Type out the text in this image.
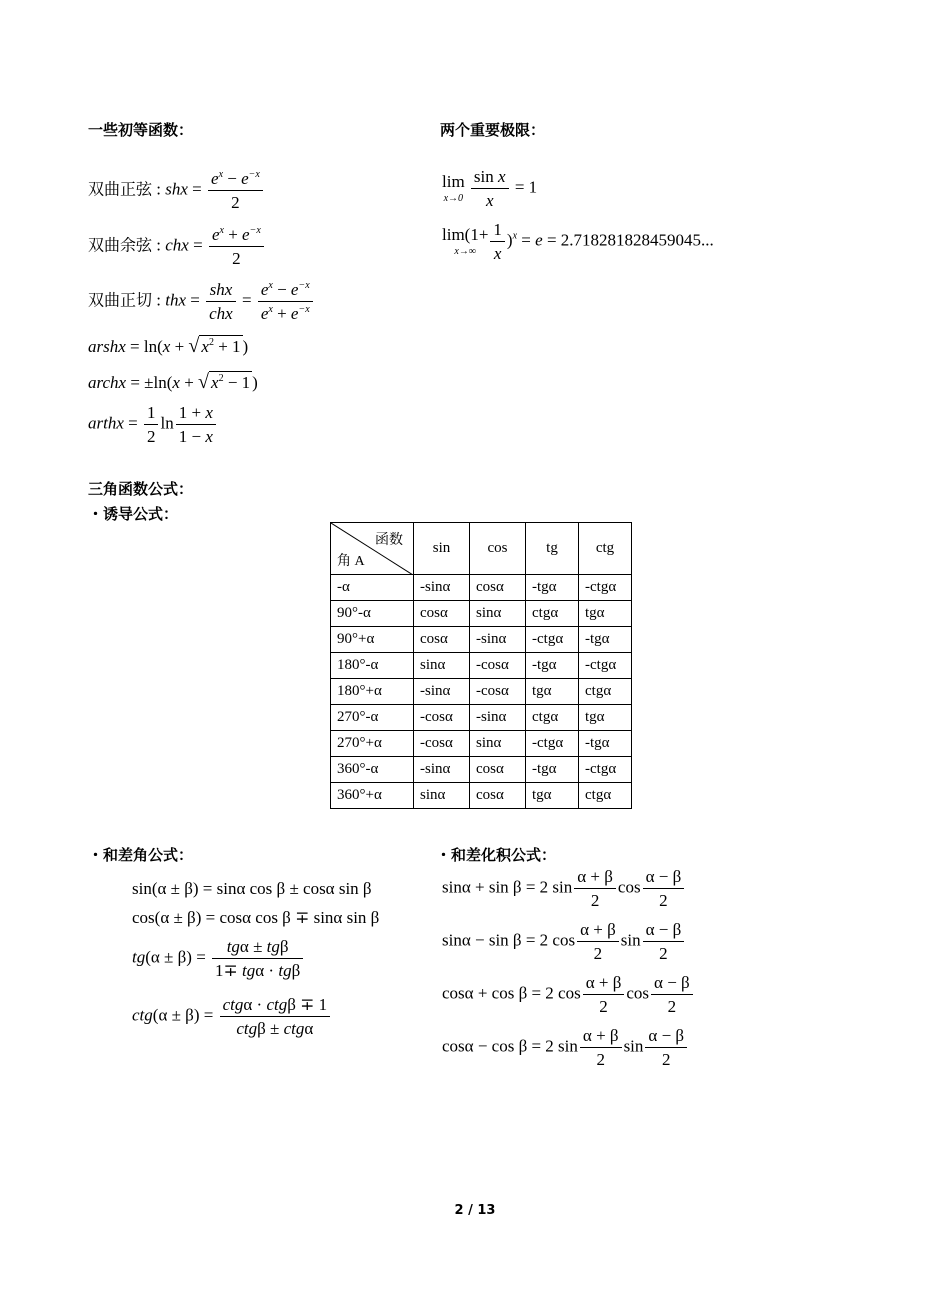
一些初等函数：	两个重要极限：
双曲正弦 : shx = $\frac{e^x - e^{-x}}{2}$
双曲余弦 : chx = $\frac{e^x + e^{-x}}{2}$
双曲正切 : thx = $\frac{\text{shx}}{\text{chx}} = \frac{e^x - e^{-x}}{e^x + e^{-x}}$
arshx = ln(x + √ $x^2 + 1$ )
archx = ±ln(x + √ $x^2 - 1$ )
arthx = $\frac{1}{2}$ $\ln \frac{1 + x}{1 - x}$
lim
x→0
$\frac{\text{sin x}}{x} = 1$
lim(1+
$x\to\infty \frac{1}{x} )^x = e = 2.718281828459045$...
三角函数公式：
・诱导公式：
函数
角 A	sin	cos	tg	ctg
-α	-sinα	cosα	-tgα	-ctgα
90°-α	cosα	sinα	ctgα	tgα
90°+α	cosα	-sinα	-ctgα	-tgα
180°-α	sinα	-cosα	-tgα	-ctgα
180°+α	-sinα	-cosα	tgα	ctgα
270°-α	-cosα	-sinα	ctgα	tgα
270°+α	-cosα	sinα	-ctgα	-tgα
360°-α	-sinα	cosα	-tgα	-ctgα
360°+α	sinα	cosα	tgα	ctgα
・和差角公式：	・和差化积公式：
sin(α ± β) = sinα cos β ± cosα sin β
cos(α ± β) = cosα cos β ∓ sinα sin β
$tg(\alpha \pm \beta) = \frac{\text{tgα ± tgβ}}{\text{1∓ tgα · tgβ}}$
$ctg(\alpha \pm \beta) = \frac{\text{ctgα · ctgβ ∓ 1}}{\text{ctgβ ± ctgα}}$
sinα + sin β = 2 $\sin \frac{\alpha + \beta}{2}$ $\cos \frac{\alpha - \beta}{2}$
sinα − sin β = 2 $\cos \frac{\alpha + \beta}{2}$ $\sin \frac{\alpha - \beta}{2}$
cosα + cos β = 2 $\cos \frac{\alpha + \beta}{2}$ $\cos \frac{\alpha - \beta}{2}$
cosα − cos β = 2 $\sin \frac{\alpha + \beta}{2}$ $\sin \frac{\alpha - \beta}{2}$
2 / 13
